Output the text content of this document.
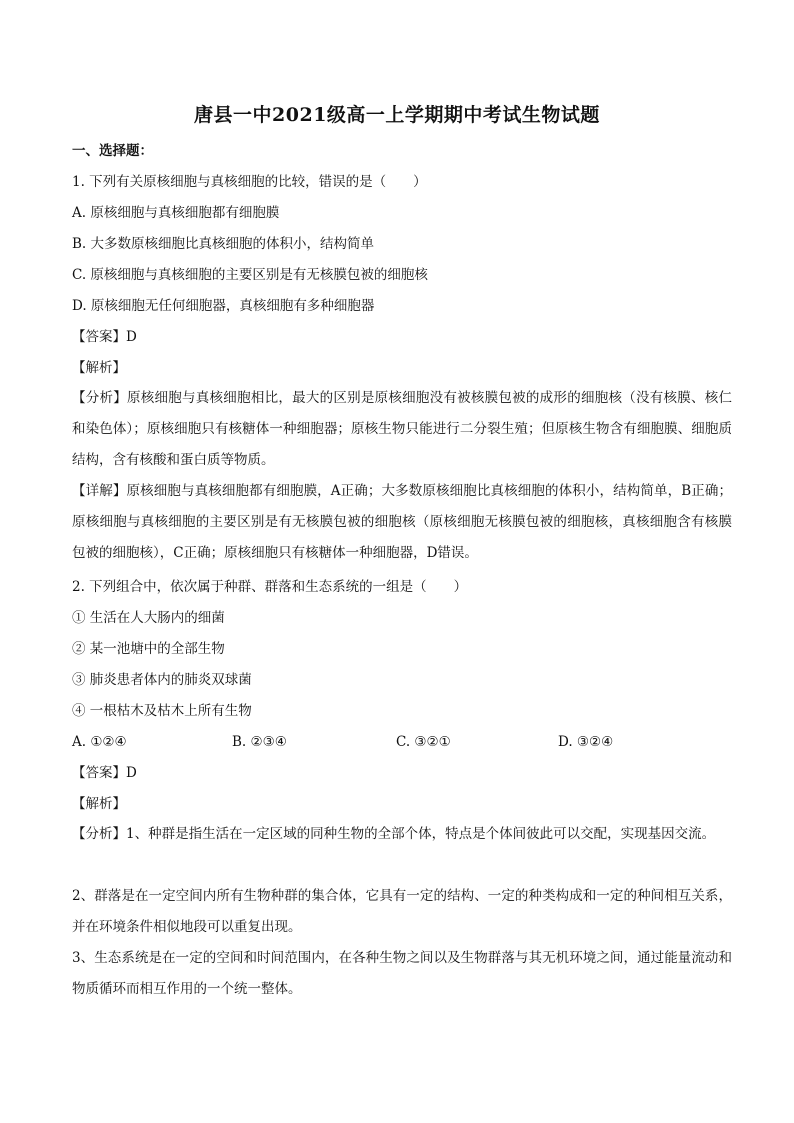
唐县一中2021级高一上学期期中考试生物试题
一、选择题：
1. 下列有关原核细胞与真核细胞的比较，错误的是（　　）
A. 原核细胞与真核细胞都有细胞膜
B. 大多数原核细胞比真核细胞的体积小，结构简单
C. 原核细胞与真核细胞的主要区别是有无核膜包被的细胞核
D. 原核细胞无任何细胞器，真核细胞有多种细胞器
【答案】D
【解析】
【分析】原核细胞与真核细胞相比，最大的区别是原核细胞没有被核膜包被的成形的细胞核（没有核膜、核仁和染色体）；原核细胞只有核糖体一种细胞器；原核生物只能进行二分裂生殖；但原核生物含有细胞膜、细胞质结构，含有核酸和蛋白质等物质。
【详解】原核细胞与真核细胞都有细胞膜，A正确；大多数原核细胞比真核细胞的体积小，结构简单，B正确；原核细胞与真核细胞的主要区别是有无核膜包被的细胞核（原核细胞无核膜包被的细胞核，真核细胞含有核膜包被的细胞核），C正确；原核细胞只有核糖体一种细胞器，D错误。
2. 下列组合中，依次属于种群、群落和生态系统的一组是（　　）
① 生活在人大肠内的细菌
② 某一池塘中的全部生物
③ 肺炎患者体内的肺炎双球菌
④ 一根枯木及枯木上所有生物
A. ①②④	B. ②③④	C. ③②①	D. ③②④
【答案】D
【解析】
【分析】1、种群是指生活在一定区域的同种生物的全部个体，特点是个体间彼此可以交配，实现基因交流。
2、群落是在一定空间内所有生物种群的集合体，它具有一定的结构、一定的种类构成和一定的种间相互关系，并在环境条件相似地段可以重复出现。
3、生态系统是在一定的空间和时间范围内，在各种生物之间以及生物群落与其无机环境之间，通过能量流动和物质循环而相互作用的一个统一整体。
